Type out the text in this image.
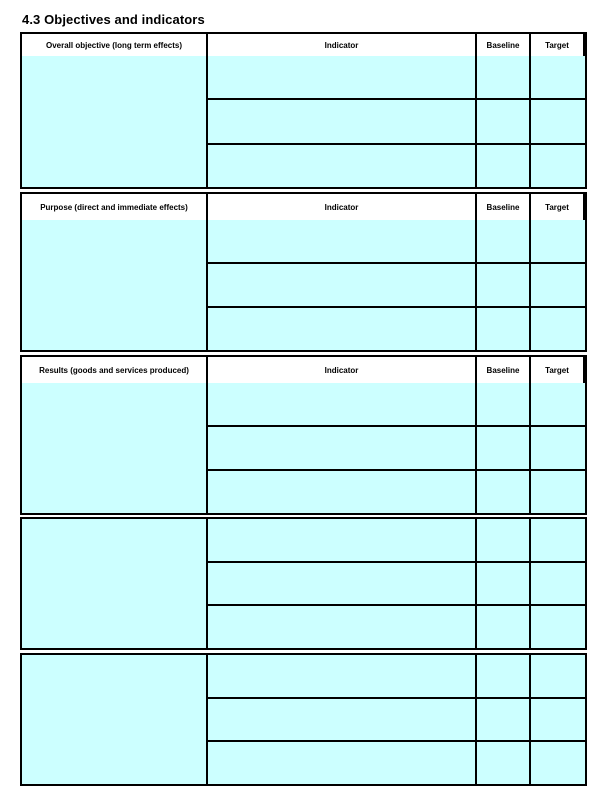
4.3 Objectives and indicators
Overall objective (long term effects)	Indicator	Baseline	Target
Purpose (direct and immediate effects)	Indicator	Baseline	Target
Results (goods and services produced)	Indicator	Baseline	Target
